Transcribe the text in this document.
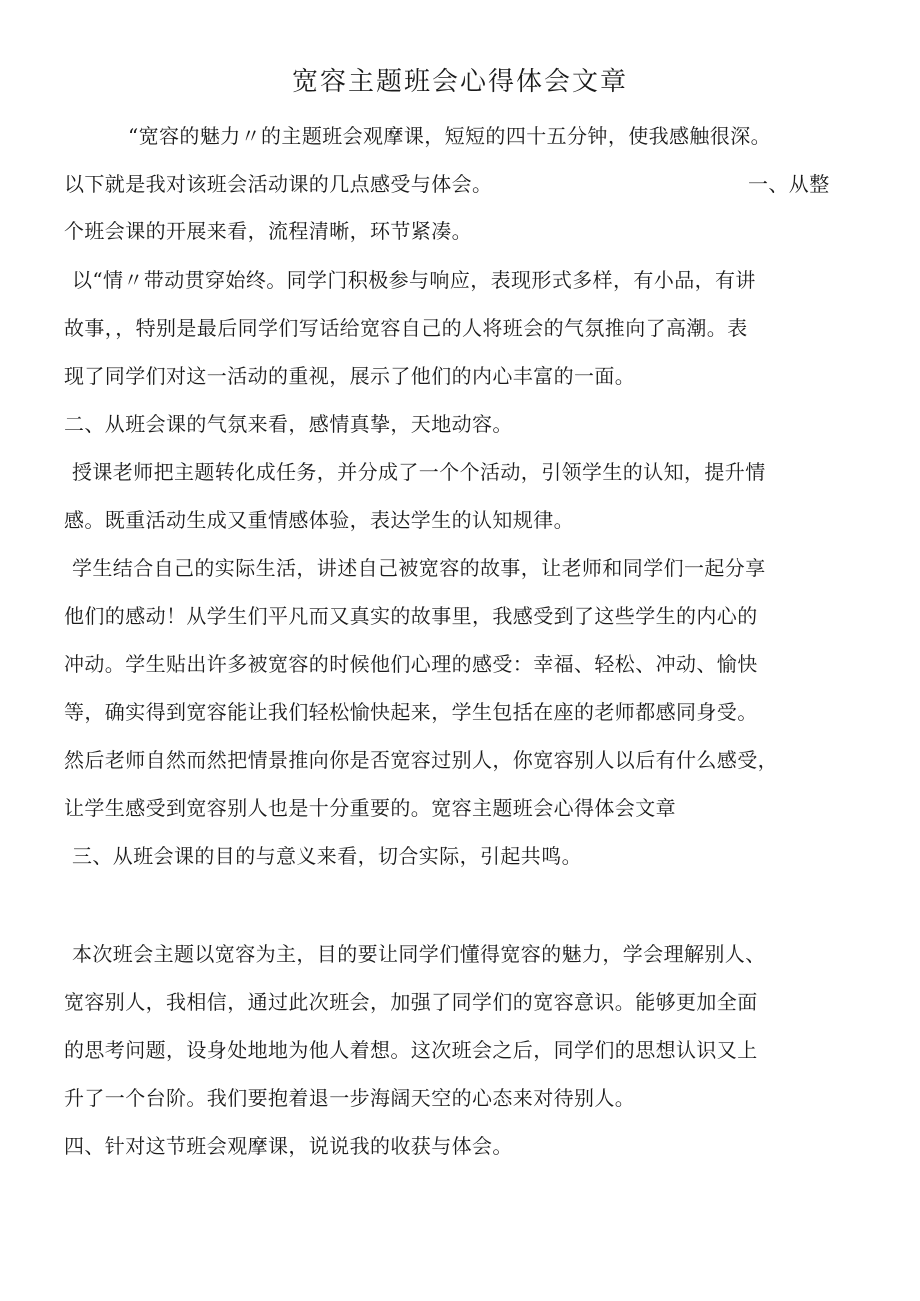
宽容主题班会心得体会文章
“宽容的魅力〃的主题班会观摩课，短短的四十五分钟，使我感触很深。
以下就是我对该班会活动课的几点感受与体会。	一、从整
个班会课的开展来看，流程清晰，环节紧凑。
以“情〃带动贯穿始终。同学门积极参与响应，表现形式多样，有小品，有讲
故事，，特别是最后同学们写话给宽容自己的人将班会的气氛推向了高潮。表
现了同学们对这一活动的重视，展示了他们的内心丰富的一面。
二、从班会课的气氛来看，感情真挚，天地动容。
授课老师把主题转化成任务，并分成了一个个活动，引领学生的认知，提升情
感。既重活动生成又重情感体验，表达学生的认知规律。
学生结合自己的实际生活，讲述自己被宽容的故事，让老师和同学们一起分享
他们的感动！从学生们平凡而又真实的故事里，我感受到了这些学生的内心的
冲动。学生贴出许多被宽容的时候他们心理的感受：幸福、轻松、冲动、愉快
等，确实得到宽容能让我们轻松愉快起来，学生包括在座的老师都感同身受。
然后老师自然而然把情景推向你是否宽容过别人，你宽容别人以后有什么感受，
让学生感受到宽容别人也是十分重要的。宽容主题班会心得体会文章
三、从班会课的目的与意义来看，切合实际，引起共鸣。
本次班会主题以宽容为主，目的要让同学们懂得宽容的魅力，学会理解别人、
宽容别人，我相信，通过此次班会，加强了同学们的宽容意识。能够更加全面
的思考问题，设身处地地为他人着想。这次班会之后，同学们的思想认识又上
升了一个台阶。我们要抱着退一步海阔天空的心态来对待别人。
四、针对这节班会观摩课，说说我的收获与体会。
